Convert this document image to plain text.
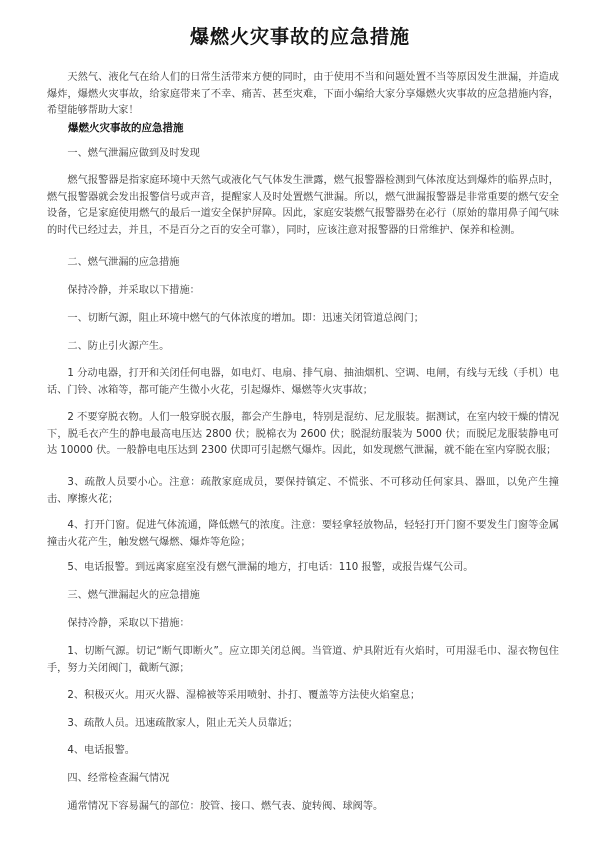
爆燃火灾事故的应急措施
天然气、液化气在给人们的日常生活带来方便的同时，由于使用不当和问题处置不当等原因发生泄漏，并造成爆炸，爆燃火灾事故，给家庭带来了不幸、痛苦、甚至灾难，下面小编给大家分享爆燃火灾事故的应急措施内容，希望能够帮助大家！
爆燃火灾事故的应急措施
一、燃气泄漏应做到及时发现
燃气报警器是指家庭环境中天然气或液化气气体发生泄露，燃气报警器检测到气体浓度达到爆炸的临界点时，燃气报警器就会发出报警信号或声音，提醒家人及时处置燃气泄漏。所以，燃气泄漏报警器是非常重要的燃气安全设备，它是家庭使用燃气的最后一道安全保护屏障。因此，家庭安装燃气报警器势在必行（原始的靠用鼻子闻气味的时代已经过去，并且，不是百分之百的安全可靠），同时，应该注意对报警器的日常维护、保养和检测。
二、燃气泄漏的应急措施
保持冷静，并采取以下措施：
一、切断气源，阻止环境中燃气的气体浓度的增加。即：迅速关闭管道总阀门；
二、防止引火源产生。
1 分动电器，打开和关闭任何电器，如电灯、电扇、排气扇、抽油烟机、空调、电闸，有线与无线（手机）电话、门铃、冰箱等，都可能产生微小火花，引起爆炸、爆燃等火灾事故；
2 不要穿脱衣物。人们一般穿脱衣服，都会产生静电，特别是混纺、尼龙服装。据测试，在室内较干燥的情况下，脱毛衣产生的静电最高电压达 2800 伏；脱棉衣为 2600 伏；脱混纺服装为 5000 伏；而脱尼龙服装静电可达 10000 伏。一般静电电压达到 2300 伏即可引起燃气爆炸。因此，如发现燃气泄漏，就不能在室内穿脱衣服；
3、疏散人员要小心。注意：疏散家庭成员，要保持镇定、不慌张、不可移动任何家具、器皿，以免产生撞击、摩擦火花；
4、打开门窗。促进气体流通，降低燃气的浓度。注意：要轻拿轻放物品，轻轻打开门窗不要发生门窗等金属撞击火花产生，触发燃气爆燃、爆炸等危险；
5、电话报警。到远离家庭室没有燃气泄漏的地方，打电话：110 报警，或报告煤气公司。
三、燃气泄漏起火的应急措施
保持冷静，采取以下措施：
1、切断气源。切记“断气即断火”。应立即关闭总阀。当管道、炉具附近有火焰时，可用湿毛巾、湿衣物包住手，努力关闭阀门，截断气源；
2、积极灭火。用灭火器、湿棉被等采用喷射、扑打、覆盖等方法使火焰窒息；
3、疏散人员。迅速疏散家人，阻止无关人员靠近；
4、电话报警。
四、经常检查漏气情况
通常情况下容易漏气的部位：胶管、接口、燃气表、旋转阀、球阀等。
